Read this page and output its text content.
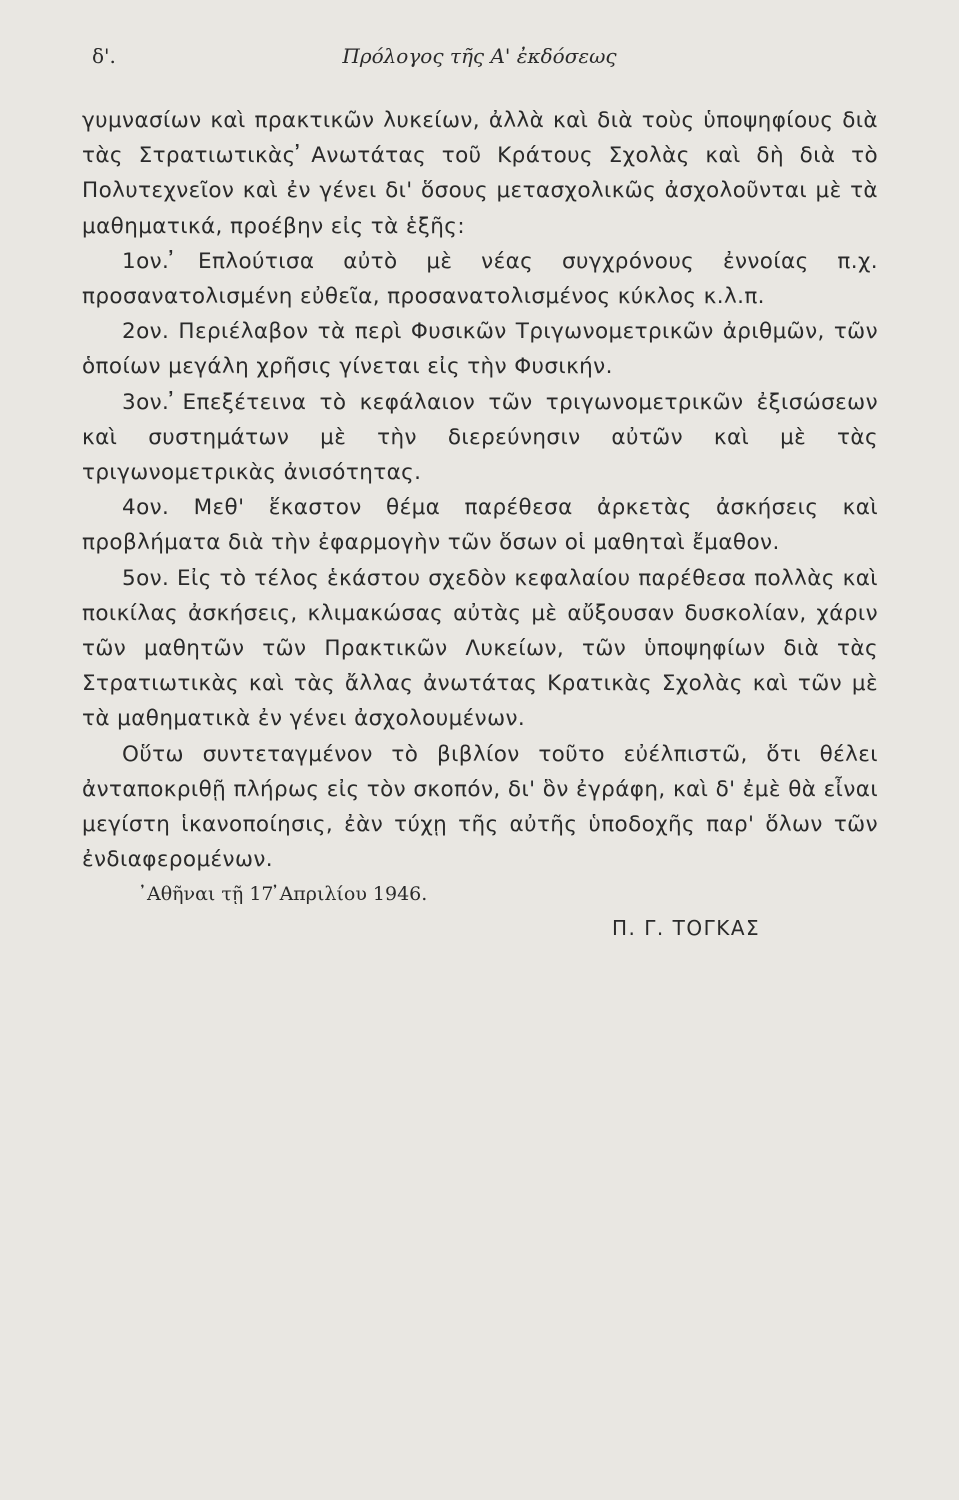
δ'.	Πρόλογος τῆς Α' ἐκδόσεως

γυμνασίων καὶ πρακτικῶν λυκείων, ἀλλὰ καὶ διὰ τοὺς ὑποψηφίους διὰ τὰς Στρατιωτικὰς ̓Ανωτάτας τοῦ Κράτους Σχολὰς καὶ δὴ διὰ τὸ Πολυτεχνεῖον καὶ ἐν γένει δι' ὅσους μετασχολικῶς ἀσχολοῦνται μὲ τὰ μαθηματικά, προέβην εἰς τὰ ἑξῆς:

1ον. ̓Επλούτισα αὐτὸ μὲ νέας συγχρόνους ἐννοίας π.χ. προσανατολισμένη εὐθεῖα, προσανατολισμένος κύκλος κ.λ.π.

2ον. Περιέλαβον τὰ περὶ Φυσικῶν Τριγωνομετρικῶν ἀριθμῶν, τῶν ὁποίων μεγάλη χρῆσις γίνεται εἰς τὴν Φυσικήν.

3ον. ̓Επεξέτεινα τὸ κεφάλαιον τῶν τριγωνομετρικῶν ἐξισώσεων καὶ συστημάτων μὲ τὴν διερεύνησιν αὐτῶν καὶ μὲ τὰς τριγωνομετρικὰς ἀνισότητας.

4ον. Μεθ' ἕκαστον θέμα παρέθεσα ἀρκετὰς ἀσκήσεις καὶ προβλήματα διὰ τὴν ἐφαρμογὴν τῶν ὅσων οἱ μαθηταὶ ἔμαθον.

5ον. Εἰς τὸ τέλος ἑκάστου σχεδὸν κεφαλαίου παρέθεσα πολλὰς καὶ ποικίλας ἀσκήσεις, κλιμακώσας αὐτὰς μὲ αὔξουσαν δυσκολίαν, χάριν τῶν μαθητῶν τῶν Πρακτικῶν Λυκείων, τῶν ὑποψηφίων διὰ τὰς Στρατιωτικὰς καὶ τὰς ἄλλας ἀνωτάτας Κρατικὰς Σχολὰς καὶ τῶν μὲ τὰ μαθηματικὰ ἐν γένει ἀσχολουμένων.

Οὕτω συντεταγμένον τὸ βιβλίον τοῦτο εὐέλπιστῶ, ὅτι θέλει ἀνταποκριθῇ πλήρως εἰς τὸν σκοπόν, δι' ὃν ἐγράφη, καὶ δ' ἐμὲ θὰ εἶναι μεγίστη ἱκανοποίησις, ἐὰν τύχῃ τῆς αὐτῆς ὑποδοχῆς παρ' ὅλων τῶν ἐνδιαφερομένων.

̓Αθῆναι τῇ 17 ̓Απριλίου 1946.
Π. Γ. ΤΟΓΚΑΣ
